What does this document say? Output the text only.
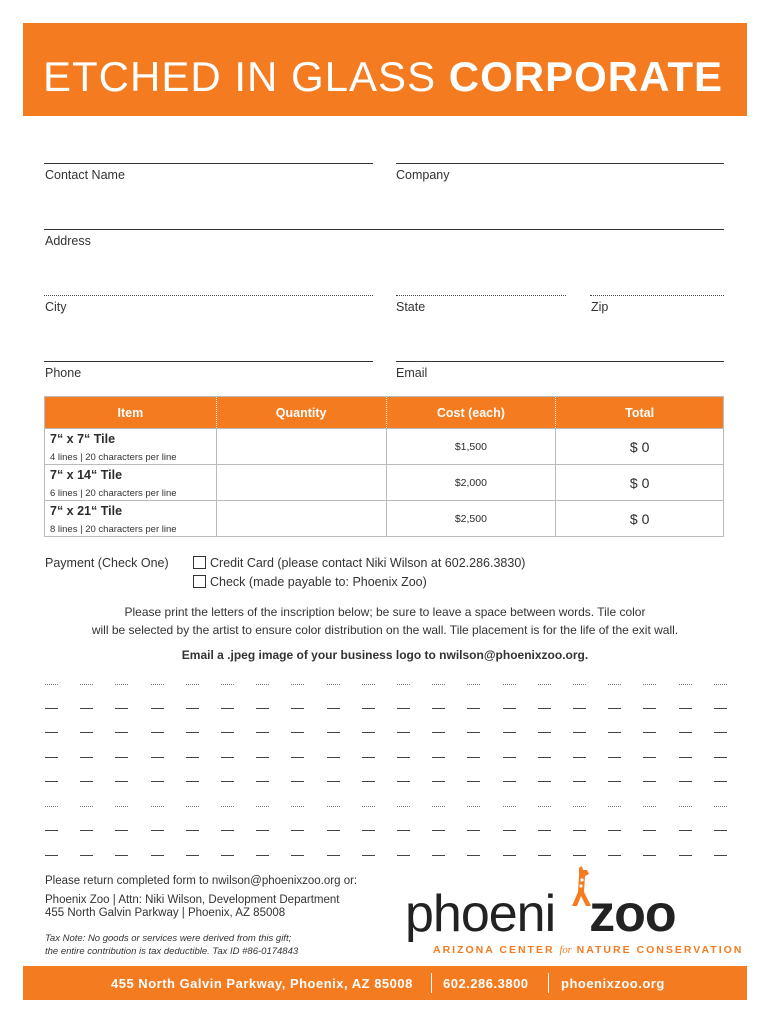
ETCHED IN GLASS CORPORATE
Contact Name	Company
Address
City	State	Zip
Phone	Email
Item	Quantity	Cost (each)	Total

7“ x 7“ Tile
4 lines | 20 characters per line		$1,500	$ 0

7“ x 14“ Tile
6 lines | 20 characters per line		$2,000	$ 0

7“ x 21“ Tile
8 lines | 20 characters per line		$2,500	$ 0
Payment (Check One)	Credit Card (please contact Niki Wilson at 602.286.3830)
Check (made payable to: Phoenix Zoo)
Please print the letters of the inscription below; be sure to leave a space between words. Tile color
will be selected by the artist to ensure color distribution on the wall. Tile placement is for the life of the exit wall.
Email a .jpeg image of your business logo to nwilson@phoenixzoo.org.
Please return completed form to nwilson@phoenixzoo.org or:
Phoenix Zoo | Attn: Niki Wilson, Development Department
455 North Galvin Parkway | Phoenix, AZ 85008
Tax Note: No goods or services were derived from this gift;
the entire contribution is tax deductible. Tax ID #86-0174843
phoeni zoo
ARIZONA CENTER for NATURE CONSERVATION
455 North Galvin Parkway, Phoenix, AZ 85008 602.286.3800 phoenixzoo.org
